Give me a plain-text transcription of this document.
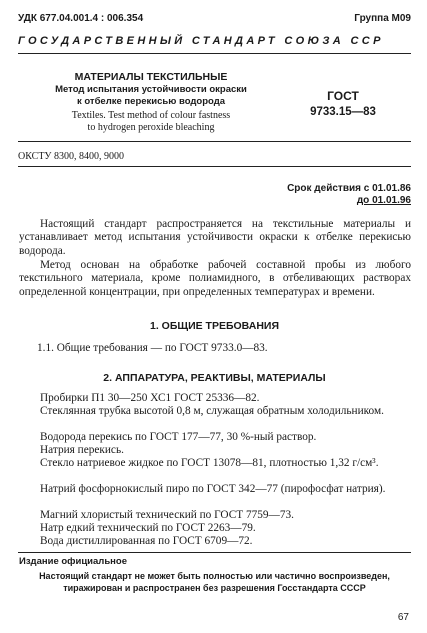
УДК 677.04.001.4 : 006.354	Группа М09
ГОСУДАРСТВЕННЫЙ СТАНДАРТ СОЮЗА ССР
МАТЕРИАЛЫ ТЕКСТИЛЬНЫЕ
Метод испытания устойчивости окраски
к отбелке перекисью водорода
Textiles. Test method of colour fastness
to hydrogen peroxide bleaching
ГОСТ
9733.15—83
ОКСТУ 8300, 8400, 9000
Срок действия с 01.01.86
до 01.01.96
Настоящий стандарт распространяется на текстильные материалы и устанавливает метод испытания устойчивости окраски к отбелке перекисью водорода.
Метод основан на обработке рабочей составной пробы из любого текстильного материала, кроме полиамидного, в отбеливающих растворах определенной концентрации, при определенных температурах и времени.
1. ОБЩИЕ ТРЕБОВАНИЯ
1.1. Общие требования — по ГОСТ 9733.0—83.
2. АППАРАТУРА, РЕАКТИВЫ, МАТЕРИАЛЫ
Пробирки П1 30—250 ХС1 ГОСТ 25336—82.
Стеклянная трубка высотой 0,8 м, служащая обратным холодильником.
Водорода перекись по ГОСТ 177—77, 30 %-ный раствор.
Натрия перекись.
Стекло натриевое жидкое по ГОСТ 13078—81, плотностью 1,32 г/см³.
Натрий фосфорнокислый пиро по ГОСТ 342—77 (пирофосфат натрия).
Магний хлористый технический по ГОСТ 7759—73.
Натр едкий технический по ГОСТ 2263—79.
Вода дистиллированная по ГОСТ 6709—72.
Издание официальное
Настоящий стандарт не может быть полностью или частично воспроизведен,
тиражирован и распространен без разрешения Госстандарта СССР
67
